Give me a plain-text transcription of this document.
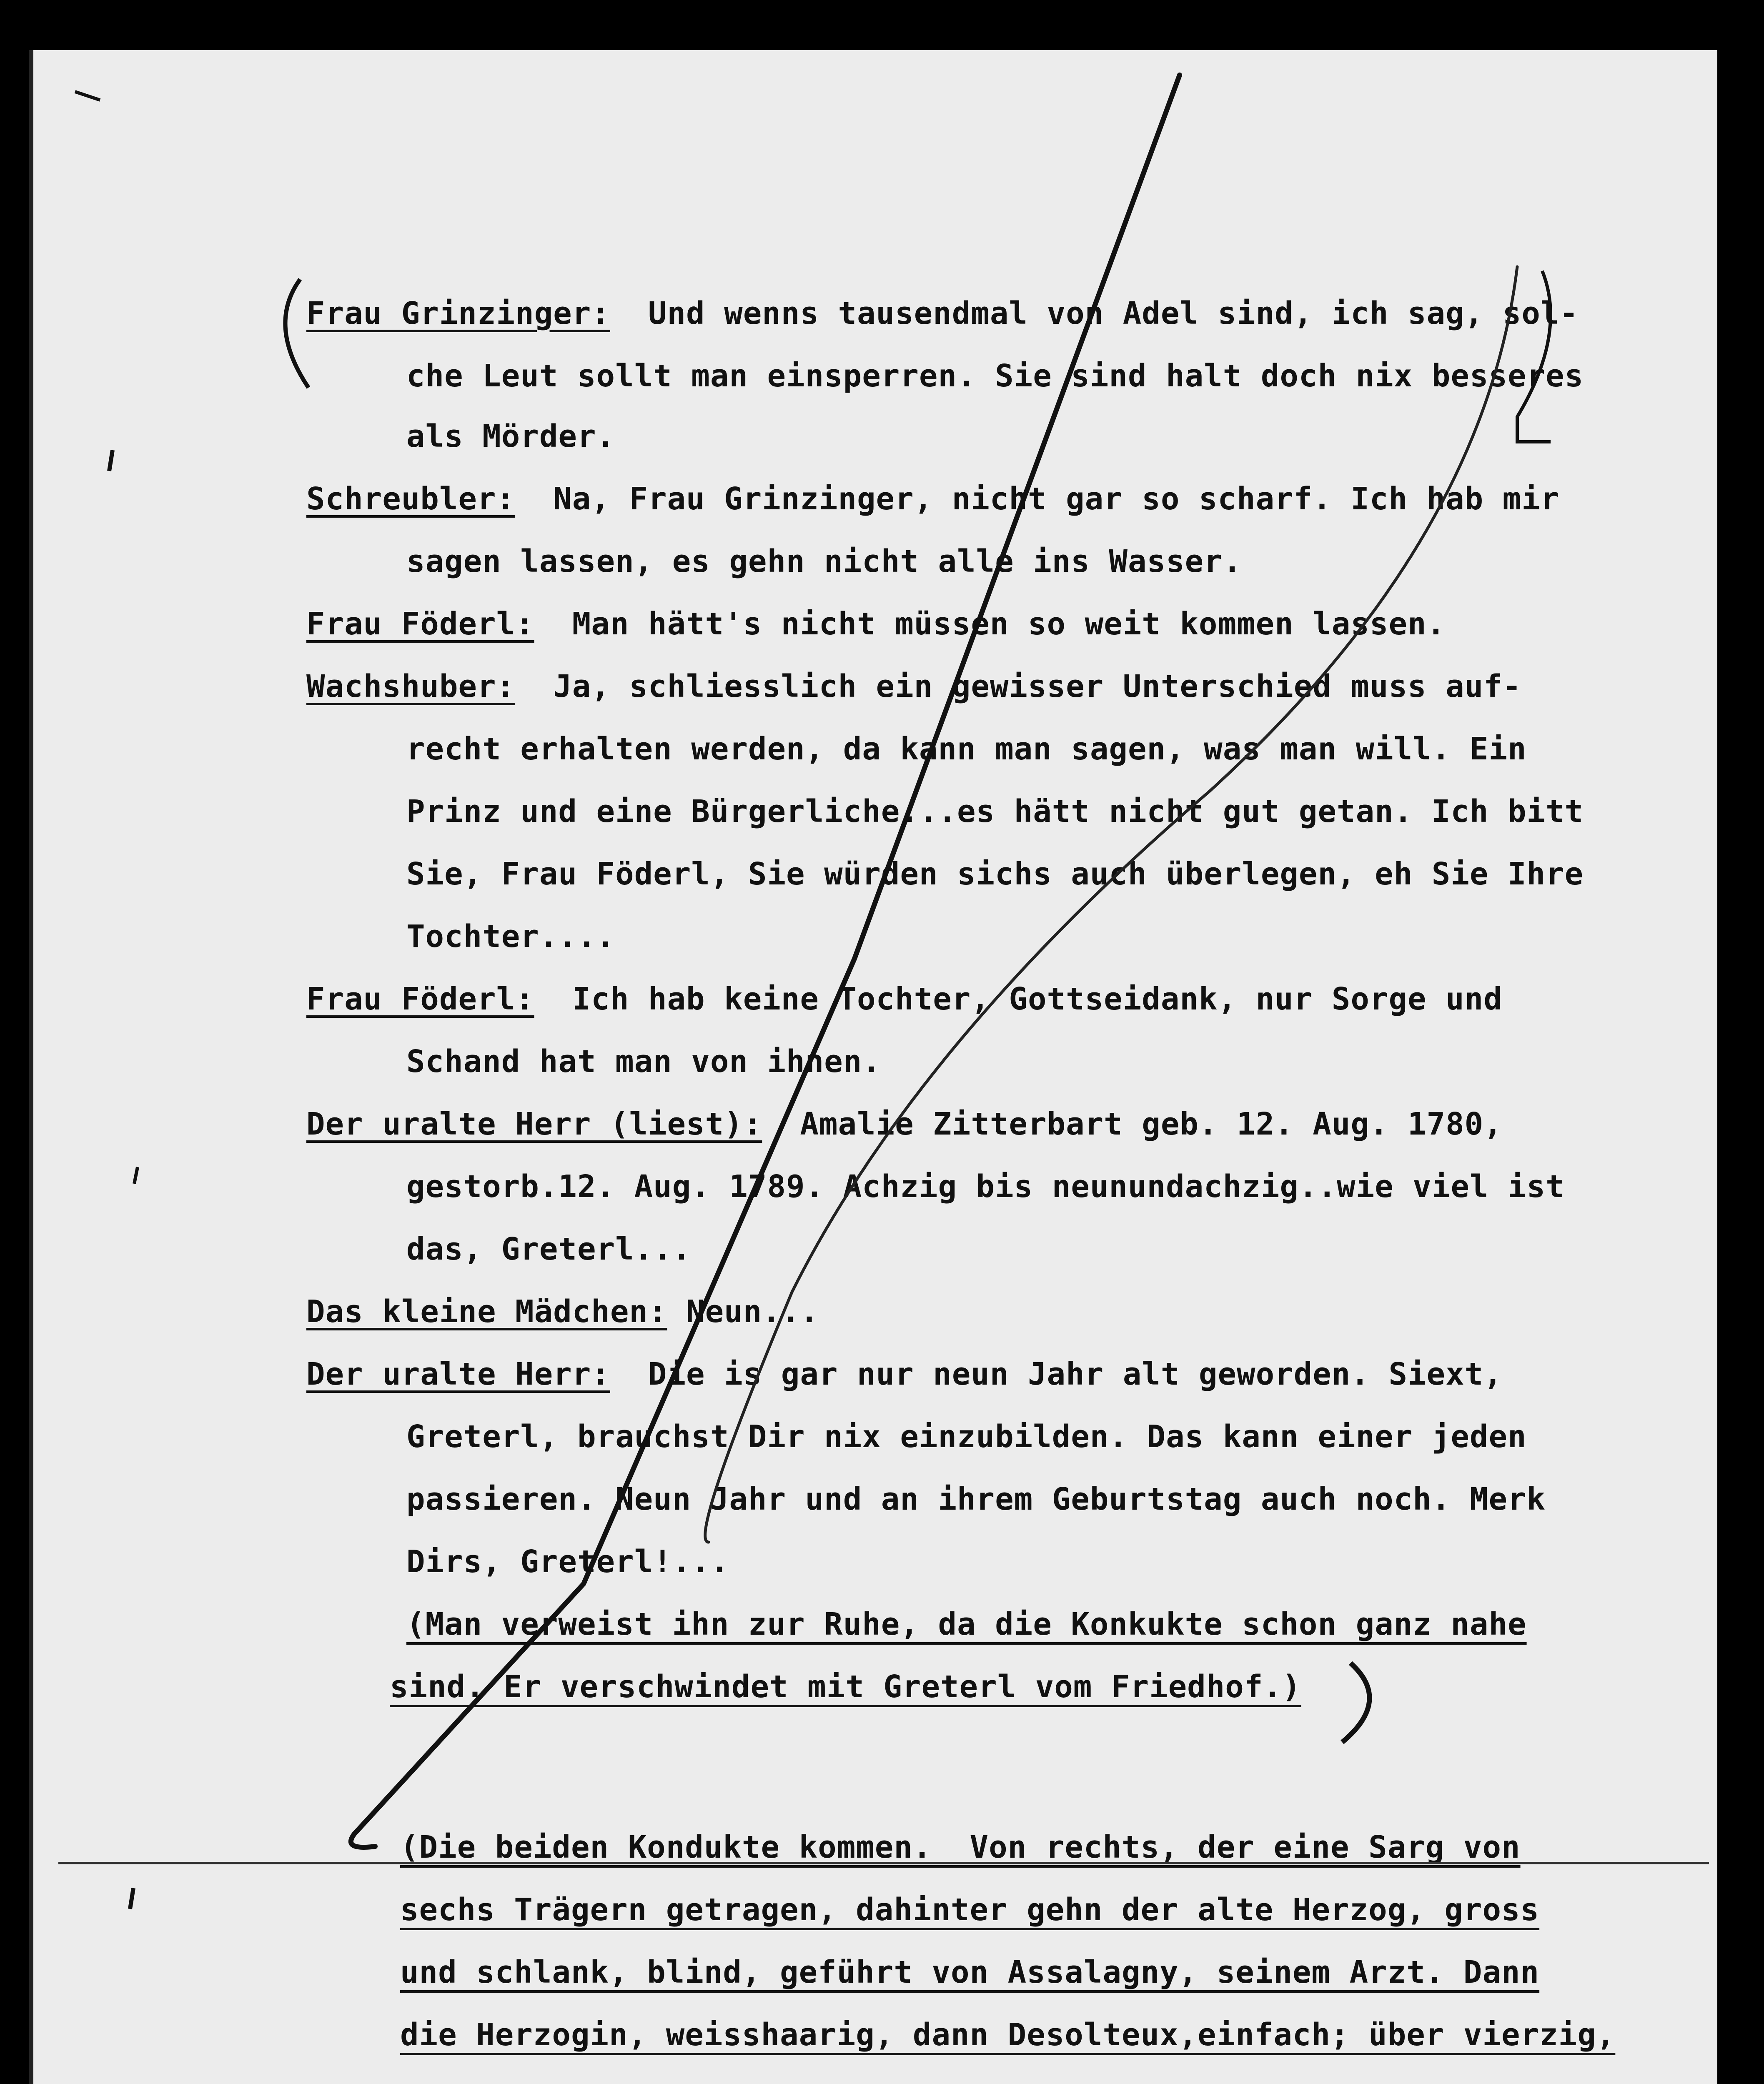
Frau Grinzinger:  Und wenns tausendmal von Adel sind, ich sag, sol-
che Leut sollt man einsperren. Sie sind halt doch nix besseres
als Mörder.
Schreubler:  Na, Frau Grinzinger, nicht gar so scharf. Ich hab mir
sagen lassen, es gehn nicht alle ins Wasser.
Frau Föderl:  Man hätt's nicht müssen so weit kommen lassen.
Wachshuber:  Ja, schliesslich ein gewisser Unterschied muss auf-
recht erhalten werden, da kann man sagen, was man will. Ein
Prinz und eine Bürgerliche...es hätt nicht gut getan. Ich bitt
Sie, Frau Föderl, Sie würden sichs auch überlegen, eh Sie Ihre
Tochter....
Frau Föderl:  Ich hab keine Tochter, Gottseidank, nur Sorge und
Schand hat man von ihnen.
Der uralte Herr (liest):  Amalie Zitterbart geb. 12. Aug. 1780,
gestorb.12. Aug. 1789. Achzig bis neunundachzig..wie viel ist
das, Greterl...
Das kleine Mädchen: Neun...
Der uralte Herr:  Die is gar nur neun Jahr alt geworden. Siext,
Greterl, brauchst Dir nix einzubilden. Das kann einer jeden
passieren. Neun Jahr und an ihrem Geburtstag auch noch. Merk
Dirs, Greterl!...
(Man verweist ihn zur Ruhe, da die Konkukte schon ganz nahe
sind. Er verschwindet mit Greterl vom Friedhof.)
(Die beiden Kondukte kommen.  Von rechts, der eine Sarg von
sechs Trägern getragen, dahinter gehn der alte Herzog, gross
und schlank, blind, geführt von Assalagny, seinem Arzt. Dann
die Herzogin, weisshaarig, dann Desolteux,einfach; über vierzig,
